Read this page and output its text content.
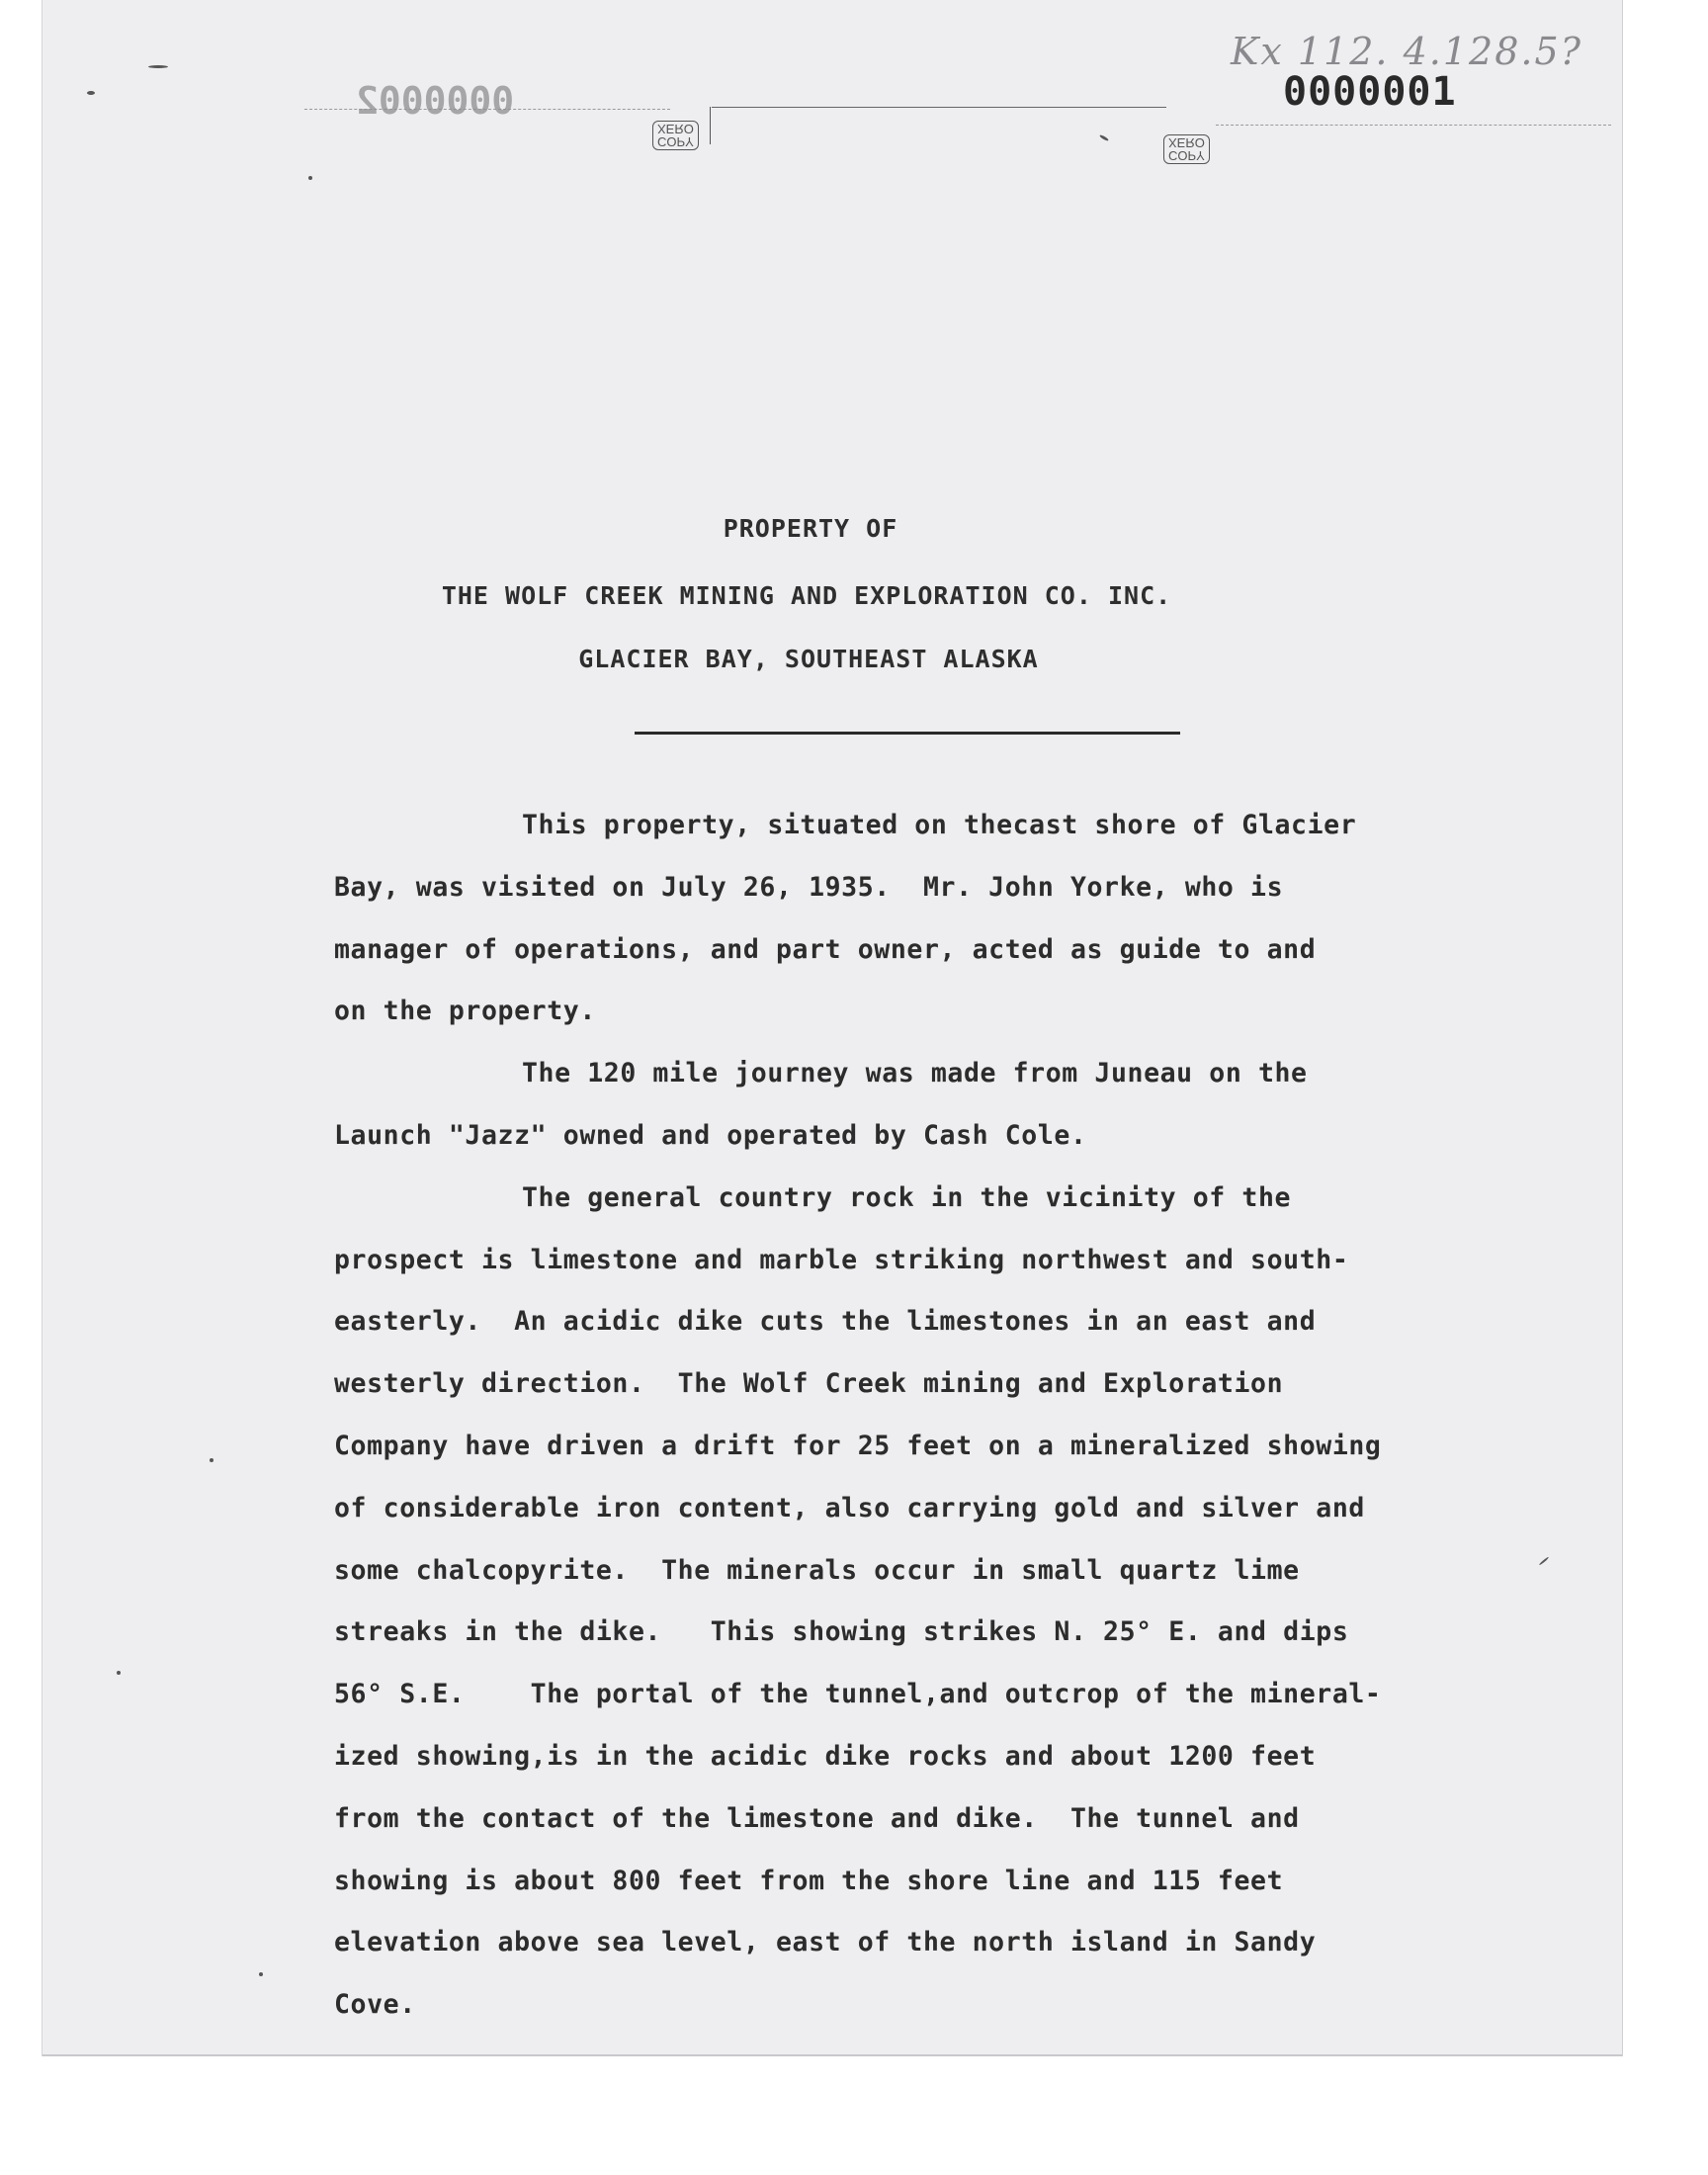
0000002
Kx 112. 4.128.5?
0000001
COPY
XERO
COPY
XERO
PROPERTY OF
THE WOLF CREEK MINING AND EXPLORATION CO. INC.
GLACIER BAY, SOUTHEAST ALASKA
This property, situated on thecast shore of Glacier
Bay, was visited on July 26, 1935.  Mr. John Yorke, who is
manager of operations, and part owner, acted as guide to and
on the property.
The 120 mile journey was made from Juneau on the
Launch "Jazz" owned and operated by Cash Cole.
The general country rock in the vicinity of the
prospect is limestone and marble striking northwest and south-
easterly.  An acidic dike cuts the limestones in an east and
westerly direction.  The Wolf Creek mining and Exploration
Company have driven a drift for 25 feet on a mineralized showing
of considerable iron content, also carrying gold and silver and
some chalcopyrite.  The minerals occur in small quartz lime
streaks in the dike.   This showing strikes N. 25° E. and dips
56° S.E.    The portal of the tunnel,and outcrop of the mineral-
ized showing,is in the acidic dike rocks and about 1200 feet
from the contact of the limestone and dike.  The tunnel and
showing is about 800 feet from the shore line and 115 feet
elevation above sea level, east of the north island in Sandy
Cove.
